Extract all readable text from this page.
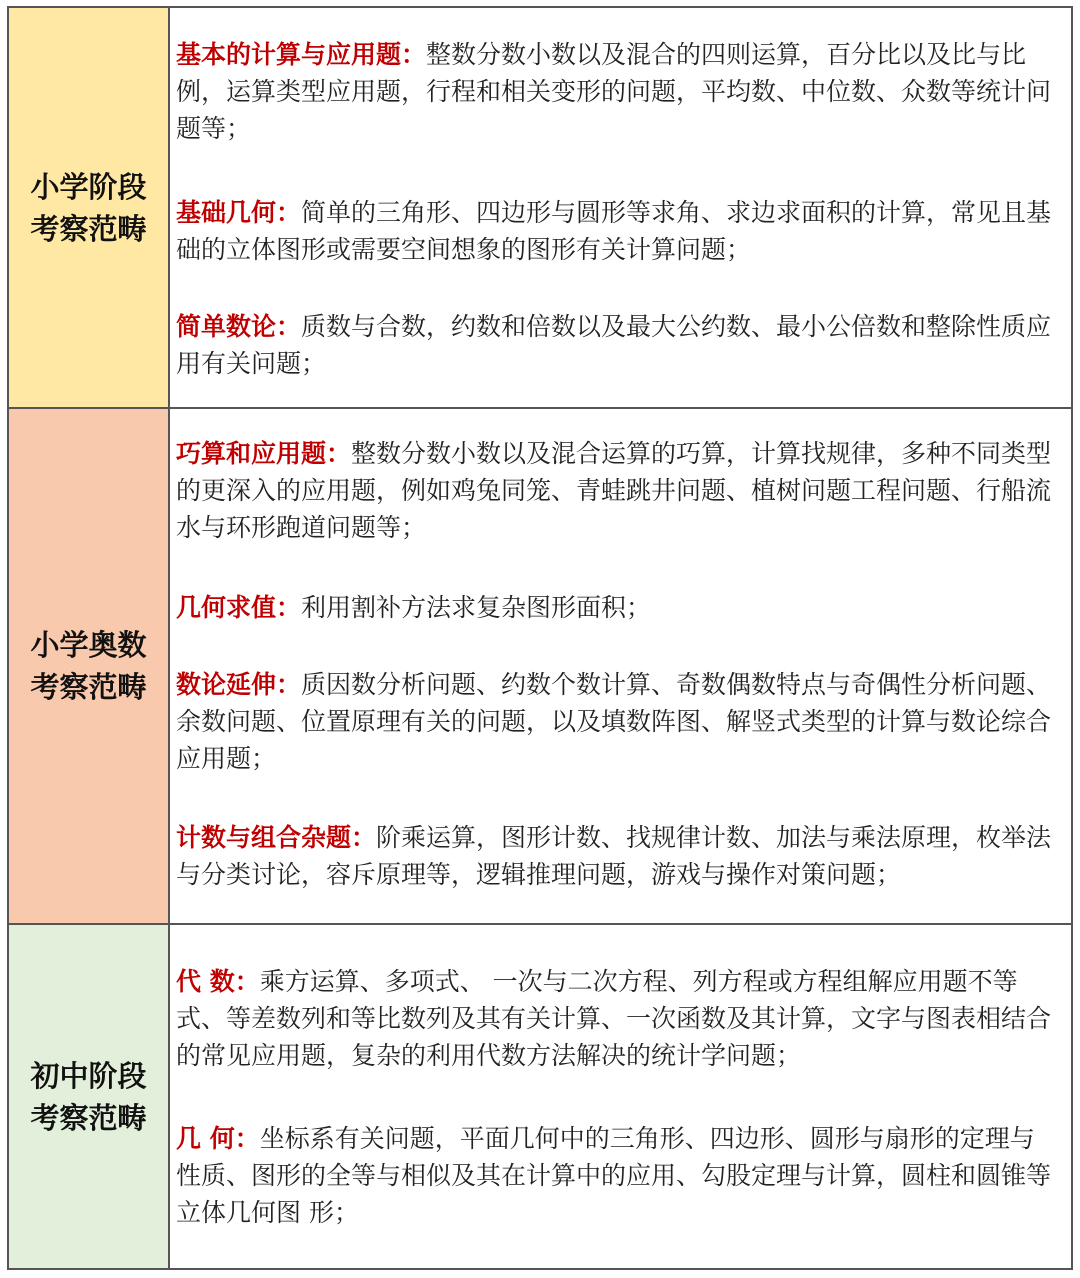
小学阶段
考察范畴
基本的计算与应用题：整数分数小数以及混合的四则运算，百分比以及比与比例，运算类型应用题，行程和相关变形的问题，平均数、中位数、众数等统计问题等；
基础几何：简单的三角形、四边形与圆形等求角、求边求面积的计算，常见且基础的立体图形或需要空间想象的图形有关计算问题；
简单数论：质数与合数，约数和倍数以及最大公约数、最小公倍数和整除性质应用有关问题；
小学奥数
考察范畴
巧算和应用题：整数分数小数以及混合运算的巧算，计算找规律，多种不同类型的更深入的应用题，例如鸡兔同笼、青蛙跳井问题、植树问题工程问题、行船流水与环形跑道问题等；
几何求值：利用割补方法求复杂图形面积；
数论延伸：质因数分析问题、约数个数计算、奇数偶数特点与奇偶性分析问题、余数问题、位置原理有关的问题，以及填数阵图、解竖式类型的计算与数论综合应用题；
计数与组合杂题：阶乘运算，图形计数、找规律计数、加法与乘法原理，枚举法与分类讨论，容斥原理等，逻辑推理问题，游戏与操作对策问题；
初中阶段
考察范畴
代 数：乘方运算、多项式、 一次与二次方程、列方程或方程组解应用题不等式、等差数列和等比数列及其有关计算、一次函数及其计算，文字与图表相结合的常见应用题，复杂的利用代数方法解决的统计学问题；
几 何：坐标系有关问题，平面几何中的三角形、四边形、圆形与扇形的定理与性质、图形的全等与相似及其在计算中的应用、勾股定理与计算，圆柱和圆锥等立体几何图 形；
